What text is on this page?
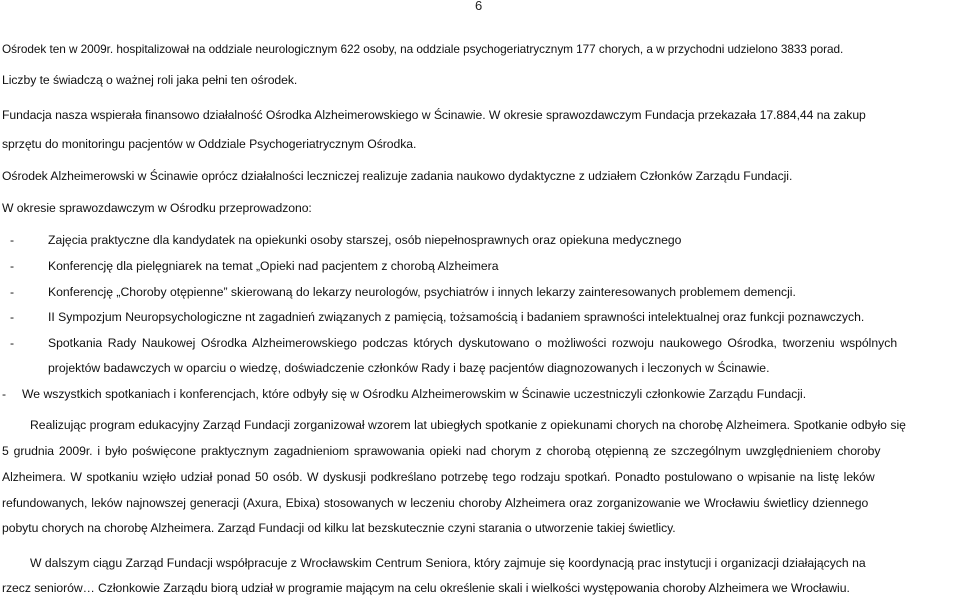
6
Ośrodek ten w 2009r. hospitalizował na oddziale neurologicznym 622 osoby, na oddziale psychogeriatrycznym 177 chorych, a w przychodni udzielono 3833 porad.
Liczby te świadczą o ważnej roli jaka pełni ten ośrodek.
Fundacja nasza wspierała finansowo działalność Ośrodka Alzheimerowskiego w Ścinawie. W okresie sprawozdawczym Fundacja przekazała 17.884,44 na zakup
sprzętu do monitoringu pacjentów w Oddziale Psychogeriatrycznym Ośrodka.
Ośrodek Alzheimerowski w Ścinawie oprócz działalności leczniczej realizuje zadania naukowo dydaktyczne z udziałem Członków Zarządu Fundacji.
W okresie sprawozdawczym w Ośrodku przeprowadzono:
-	Zajęcia praktyczne dla kandydatek na opiekunki osoby starszej, osób niepełnosprawnych oraz opiekuna medycznego
-	Konferencję dla pielęgniarek na temat „Opieki nad pacjentem z chorobą Alzheimera
-	Konferencję „Choroby otępienne” skierowaną do lekarzy neurologów, psychiatrów i innych lekarzy zainteresowanych problemem demencji.
-	II Sympozjum Neuropsychologiczne nt zagadnień związanych z pamięcią, tożsamością i badaniem sprawności intelektualnej oraz funkcji poznawczych.
-	Spotkania Rady Naukowej Ośrodka Alzheimerowskiego podczas których dyskutowano o możliwości rozwoju naukowego Ośrodka, tworzeniu wspólnych
projektów badawczych w oparciu o wiedzę, doświadczenie członków Rady i bazę pacjentów diagnozowanych i leczonych w Ścinawie.
- We wszystkich spotkaniach i konferencjach, które odbyły się w Ośrodku Alzheimerowskim w Ścinawie uczestniczyli członkowie Zarządu Fundacji.
Realizując program edukacyjny Zarząd Fundacji zorganizował wzorem lat ubiegłych spotkanie z opiekunami chorych na chorobę Alzheimera. Spotkanie odbyło się
5 grudnia 2009r. i było poświęcone praktycznym zagadnieniom sprawowania opieki nad chorym z chorobą otępienną ze szczególnym uwzględnieniem choroby
Alzheimera. W spotkaniu wzięło udział ponad 50 osób. W dyskusji podkreślano potrzebę tego rodzaju spotkań. Ponadto postulowano o wpisanie na listę leków
refundowanych, leków najnowszej generacji (Axura, Ebixa) stosowanych w leczeniu choroby Alzheimera oraz zorganizowanie we Wrocławiu świetlicy dziennego
pobytu chorych na chorobę Alzheimera. Zarząd Fundacji od kilku lat bezskutecznie czyni starania o utworzenie takiej świetlicy.
W dalszym ciągu Zarząd Fundacji współpracuje z Wrocławskim Centrum Seniora, który zajmuje się koordynacją prac instytucji i organizacji działających na
rzecz seniorów… Członkowie Zarządu biorą udział w programie mającym na celu określenie skali i wielkości występowania choroby Alzheimera we Wrocławiu.
